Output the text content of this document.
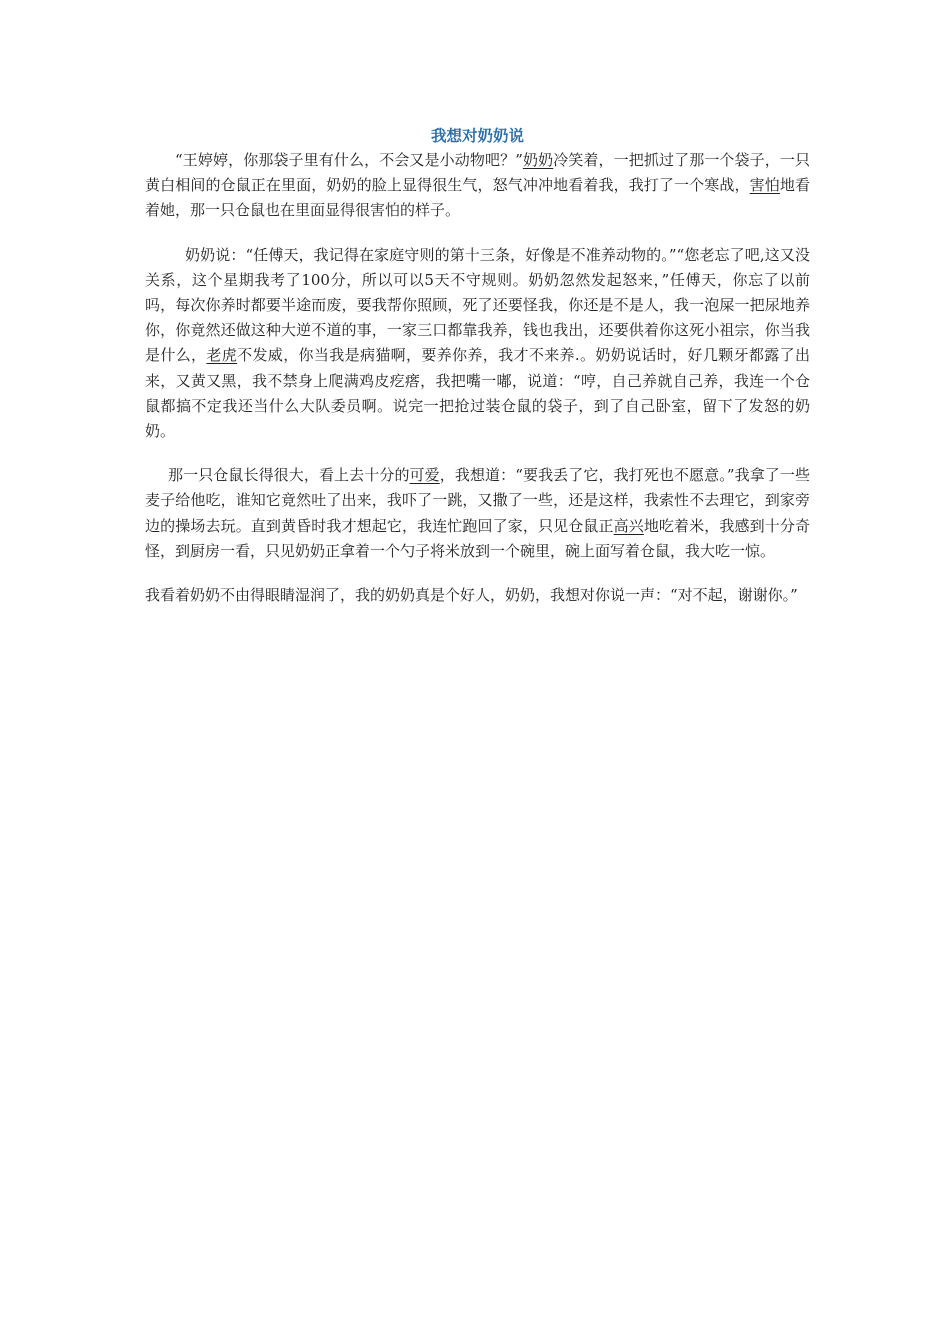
我想对奶奶说

“王婷婷，你那袋子里有什么，不会又是小动物吧？”奶奶冷笑着，一把抓过了那一个袋子，一只黄白相间的仓鼠正在里面，奶奶的脸上显得很生气，怒气冲冲地看着我，我打了一个寒战，害怕地看着她，那一只仓鼠也在里面显得很害怕的样子。

奶奶说：“任傅天，我记得在家庭守则的第十三条，好像是不准养动物的。”“您老忘了吧,这又没关系，这个星期我考了100分，所以可以5天不守规则。奶奶忽然发起怒来，”任傅天，你忘了以前吗，每次你养时都要半途而废，要我帮你照顾，死了还要怪我，你还是不是人，我一泡屎一把尿地养你，你竟然还做这种大逆不道的事，一家三口都靠我养，钱也我出，还要供着你这死小祖宗，你当我是什么，老虎不发威，你当我是病猫啊，要养你养，我才不来养.。奶奶说话时，好几颗牙都露了出来，又黄又黑，我不禁身上爬满鸡皮疙瘩，我把嘴一嘟，说道：“哼，自己养就自己养，我连一个仓鼠都搞不定我还当什么大队委员啊。说完一把抢过装仓鼠的袋子，到了自己卧室，留下了发怒的奶奶。

那一只仓鼠长得很大，看上去十分的可爱，我想道：“要我丢了它，我打死也不愿意。”我拿了一些麦子给他吃，谁知它竟然吐了出来，我吓了一跳，又撒了一些，还是这样，我索性不去理它，到家旁边的操场去玩。直到黄昏时我才想起它，我连忙跑回了家，只见仓鼠正高兴地吃着米，我感到十分奇怪，到厨房一看，只见奶奶正拿着一个勺子将米放到一个碗里，碗上面写着仓鼠，我大吃一惊。

我看着奶奶不由得眼睛湿润了，我的奶奶真是个好人，奶奶，我想对你说一声：“对不起，谢谢你。”
